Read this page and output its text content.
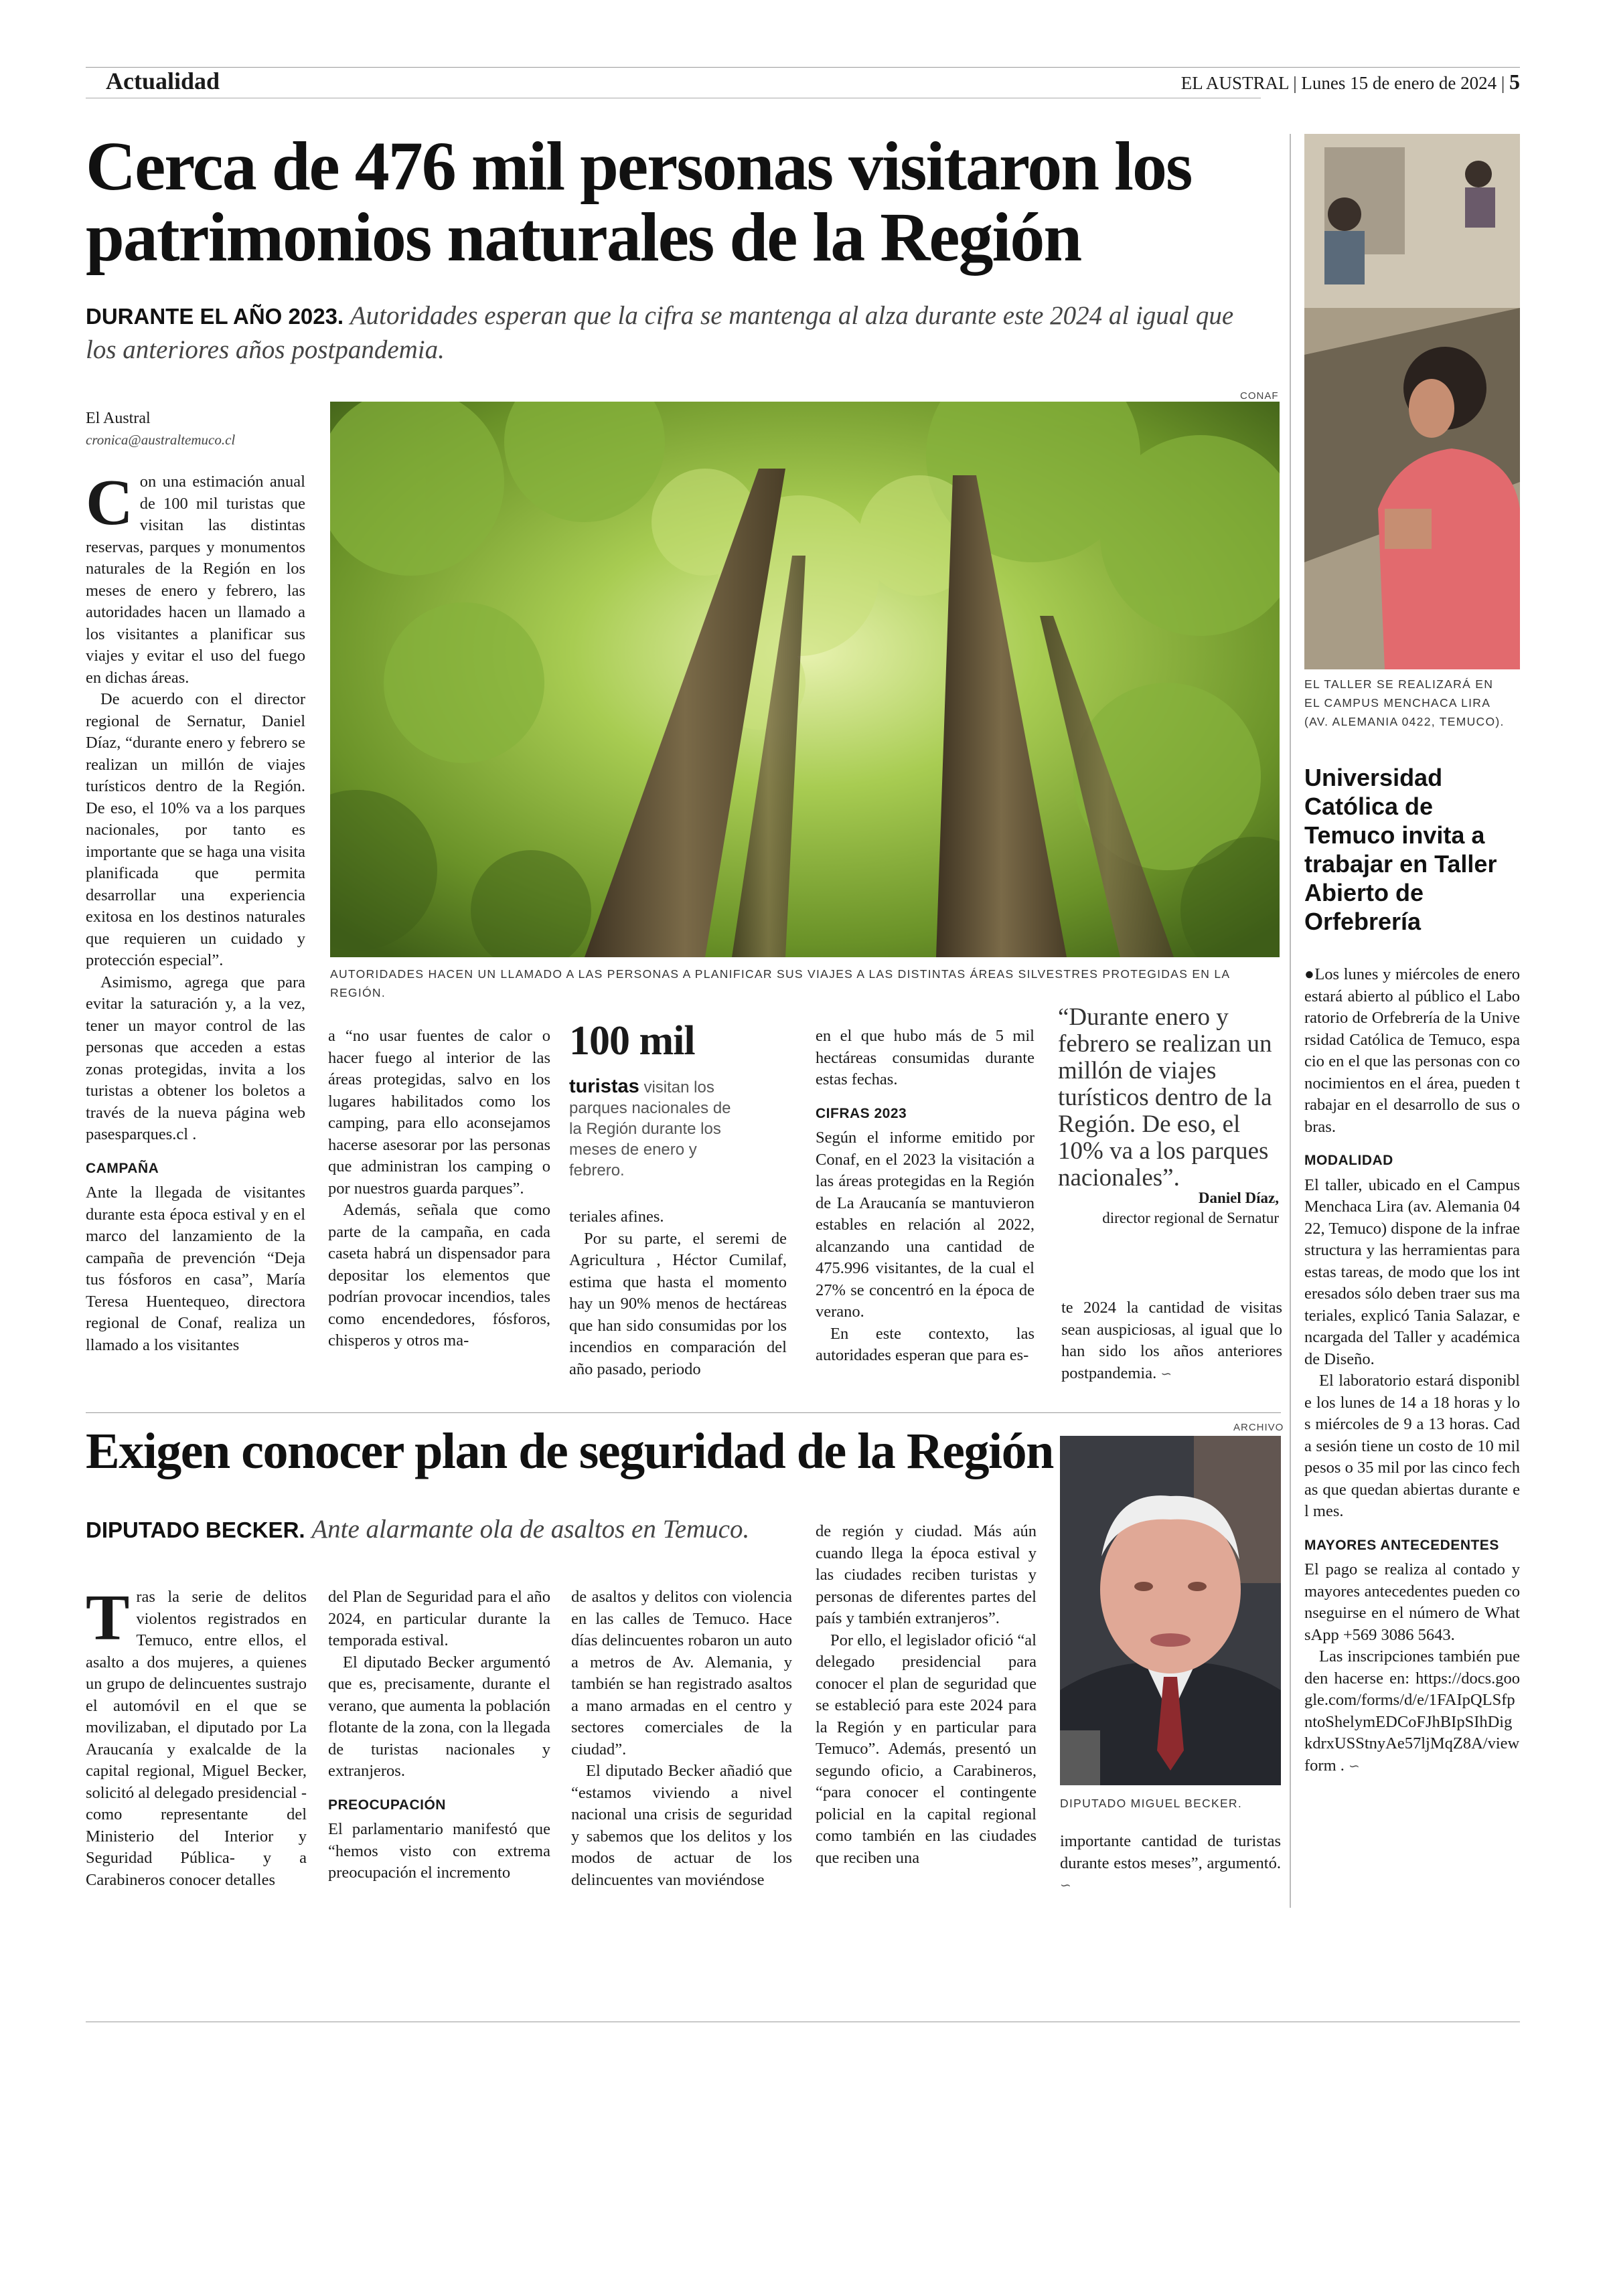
Actualidad	EL AUSTRAL | Lunes 15 de enero de 2024 | 5
Cerca de 476 mil personas visitaron los patrimonios naturales de la Región
DURANTE EL AÑO 2023. Autoridades esperan que la cifra se mantenga al alza durante este 2024 al igual que los anteriores años postpandemia.
El Austral
cronica@australtemuco.cl
CONAF
AUTORIDADES HACEN UN LLAMADO A LAS PERSONAS A PLANIFICAR SUS VIAJES A LAS DISTINTAS ÁREAS SILVESTRES PROTEGIDAS EN LA REGIÓN.

Con una estimación anual de 100 mil turistas que visitan las distintas reservas, parques y monumentos naturales de la Región en los meses de enero y febrero, las autoridades hacen un llamado a los visitantes a planificar sus viajes y evitar el uso del fuego en dichas áreas.

De acuerdo con el director regional de Sernatur, Daniel Díaz, “durante enero y febrero se realizan un millón de viajes turísticos dentro de la Región. De eso, el 10% va a los parques nacionales, por tanto es importante que se haga una visita planificada que permita desarrollar una experiencia exitosa en los destinos naturales que requieren un cuidado y protección especial”.

Asimismo, agrega que para evitar la saturación y, a la vez, tener un mayor control de las personas que acceden a estas zonas protegidas, invita a los turistas a obtener los boletos a través de la nueva página web pasesparques.cl .

CAMPAÑA

Ante la llegada de visitantes durante esta época estival y en el marco del lanzamiento de la campaña de prevención “Deja tus fósforos en casa”, María Teresa Huentequeo, directora regional de Conaf, realiza un llamado a los visitantes

a “no usar fuentes de calor o hacer fuego al interior de las áreas protegidas, salvo en los lugares habilitados como los camping, para ello aconsejamos hacerse asesorar por las personas que administran los camping o por nuestros guarda parques”.

Además, señala que como parte de la campaña, en cada caseta habrá un dispensador para depositar los elementos que podrían provocar incendios, tales como encendedores, fósforos, chisperos y otros ma-

100 mil
turistas visitan los parques nacionales de la Región durante los meses de enero y febrero.

teriales afines.

Por su parte, el seremi de Agricultura , Héctor Cumilaf, estima que hasta el momento hay un 90% menos de hectáreas que han sido consumidas por los incendios en comparación del año pasado, periodo

en el que hubo más de 5 mil hectáreas consumidas durante estas fechas.

CIFRAS 2023

Según el informe emitido por Conaf, en el 2023 la visitación a las áreas protegidas en la Región de La Araucanía se mantuvieron estables en relación al 2022, alcanzando una cantidad de 475.996 visitantes, de la cual el 27% se concentró en la época de verano.

En este contexto, las autoridades esperan que para es-

“Durante enero y febrero se realizan un millón de viajes turísticos dentro de la Región. De eso, el 10% va a los parques nacionales”.
Daniel Díaz,
director regional de Sernatur

te 2024 la cantidad de visitas sean auspiciosas, al igual que lo han sido los años anteriores postpandemia. ∽

Exigen conocer plan de seguridad de la Región
DIPUTADO BECKER. Ante alarmante ola de asaltos en Temuco.
ARCHIVO
DIPUTADO MIGUEL BECKER.

Tras la serie de delitos violentos registrados en Temuco, entre ellos, el asalto a dos mujeres, a quienes un grupo de delincuentes sustrajo el automóvil en el que se movilizaban, el diputado por La Araucanía y exalcalde de la capital regional, Miguel Becker, solicitó al delegado presidencial -como representante del Ministerio del Interior y Seguridad Pública- y a Carabineros conocer detalles

del Plan de Seguridad para el año 2024, en particular durante la temporada estival.

El diputado Becker argumentó que es, precisamente, durante el verano, que aumenta la población flotante de la zona, con la llegada de turistas nacionales y extranjeros.

PREOCUPACIÓN

El parlamentario manifestó que “hemos visto con extrema preocupación el incremento

de asaltos y delitos con violencia en las calles de Temuco. Hace días delincuentes robaron un auto a metros de Av. Alemania, y también se han registrado asaltos a mano armadas en el centro y sectores comerciales de la ciudad”.

El diputado Becker añadió que “estamos viviendo a nivel nacional una crisis de seguridad y sabemos que los delitos y los modos de actuar de los delincuentes van moviéndose

de región y ciudad. Más aún cuando llega la época estival y las ciudades reciben turistas y personas de diferentes partes del país y también extranjeros”.

Por ello, el legislador ofició “al delegado presidencial para conocer el plan de seguridad que se estableció para este 2024 para la Región y en particular para Temuco”. Además, presentó un segundo oficio, a Carabineros, “para conocer el contingente policial en la capital regional como también en las ciudades que reciben una

importante cantidad de turistas durante estos meses”, argumentó. ∽

EL TALLER SE REALIZARÁ EN EL CAMPUS MENCHACA LIRA (AV. ALEMANIA 0422, TEMUCO).
Universidad Católica de Temuco invita a trabajar en Taller Abierto de Orfebrería

●Los lunes y miércoles de enero estará abierto al público el Laboratorio de Orfebrería de la Universidad Católica de Temuco, espacio en el que las personas con conocimientos en el área, pueden trabajar en el desarrollo de sus obras.

MODALIDAD

El taller, ubicado en el Campus Menchaca Lira (av. Alemania 0422, Temuco) dispone de la infraestructura y las herramientas para estas tareas, de modo que los interesados sólo deben traer sus materiales, explicó Tania Salazar, encargada del Taller y académica de Diseño.

El laboratorio estará disponible los lunes de 14 a 18 horas y los miércoles de 9 a 13 horas. Cada sesión tiene un costo de 10 mil pesos o 35 mil por las cinco fechas que quedan abiertas durante el mes.

MAYORES ANTECEDENTES

El pago se realiza al contado y mayores antecedentes pueden conseguirse en el número de WhatsApp +569 3086 5643.

Las inscripciones también pueden hacerse en: https://docs.google.com/forms/d/e/1FAIpQLSfpntoShelymEDCoFJhBIpSIhDigkdrxUSStnyAe57ljMqZ8A/viewform . ∽
